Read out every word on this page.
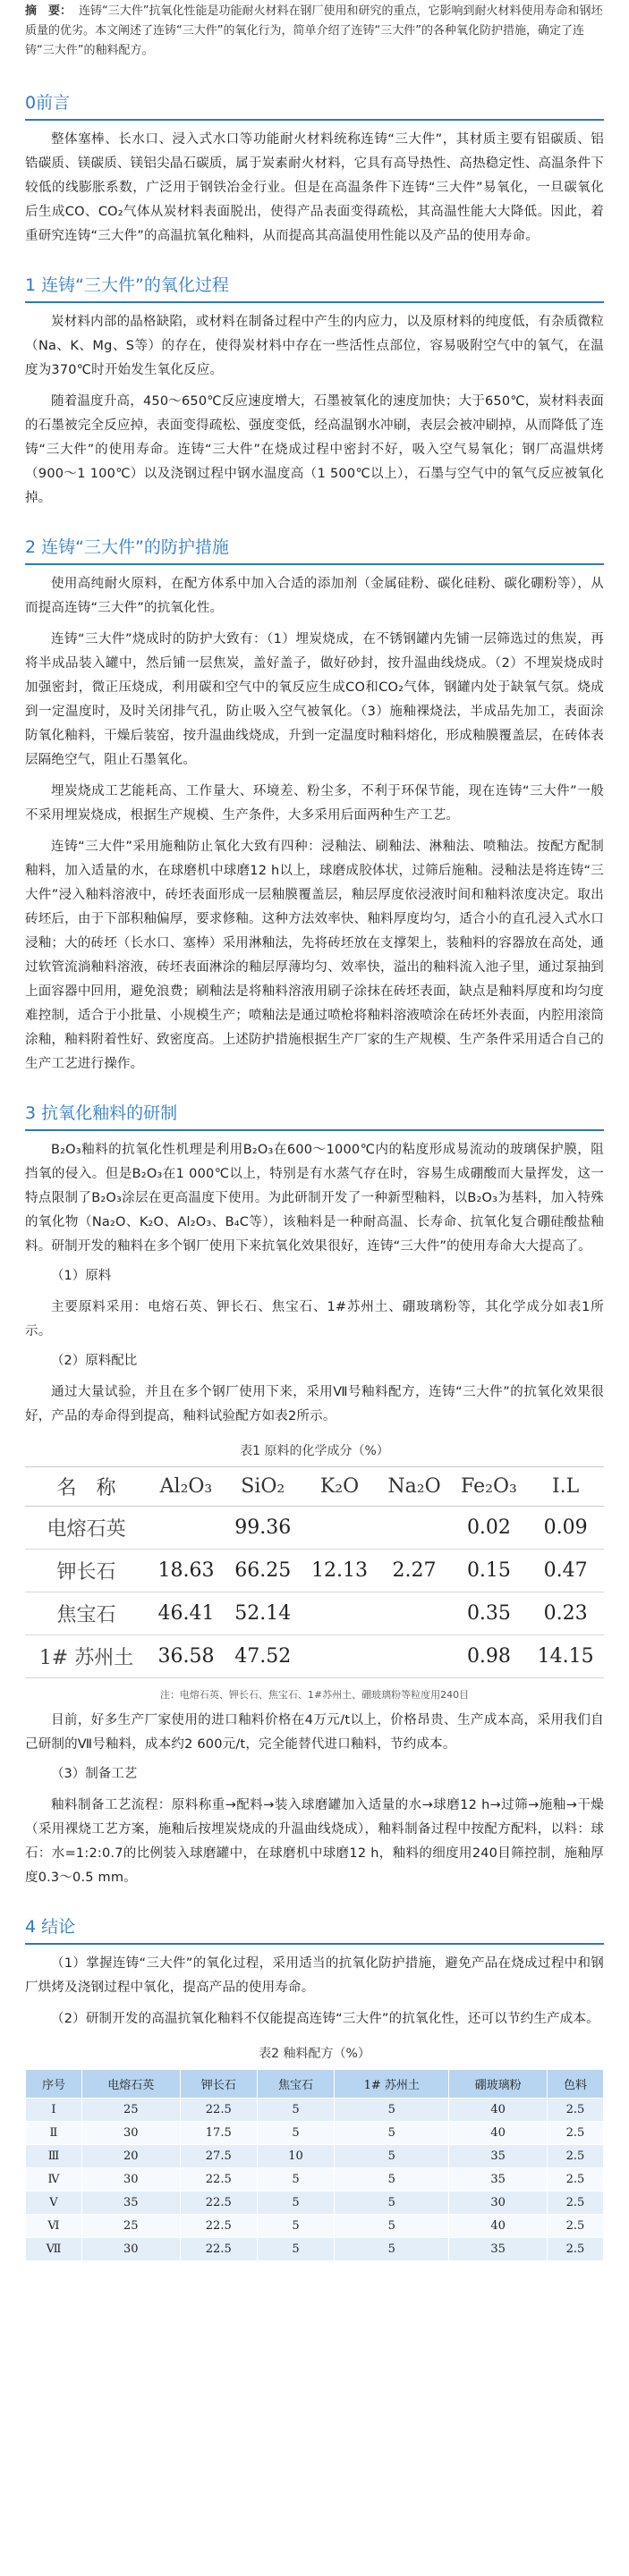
摘　要： 连铸“三大件”抗氧化性能是功能耐火材料在钢厂使用和研究的重点，它影响到耐火材料使用寿命和钢坯质量的优劣。本文阐述了连铸“三大件”的氧化行为，简单介绍了连铸“三大件”的各种氧化防护措施，确定了连铸“三大件”的釉料配方。
0前言

整体塞棒、长水口、浸入式水口等功能耐火材料统称连铸“三大件”，其材质主要有铝碳质、铝锆碳质、镁碳质、镁铝尖晶石碳质，属于炭素耐火材料，它具有高导热性、高热稳定性、高温条件下较低的线膨胀系数，广泛用于钢铁冶金行业。但是在高温条件下连铸“三大件”易氧化，一旦碳氧化后生成CO、CO₂气体从炭材料表面脱出，使得产品表面变得疏松，其高温性能大大降低。因此，着重研究连铸“三大件”的高温抗氧化釉料，从而提高其高温使用性能以及产品的使用寿命。

1 连铸“三大件”的氧化过程

炭材料内部的晶格缺陷，或材料在制备过程中产生的内应力，以及原材料的纯度低，有杂质微粒（Na、K、Mg、S等）的存在，使得炭材料中存在一些活性点部位，容易吸附空气中的氧气，在温度为370℃时开始发生氧化反应。

随着温度升高，450～650℃反应速度增大，石墨被氧化的速度加快；大于650℃，炭材料表面的石墨被完全反应掉，表面变得疏松、强度变低，经高温钢水冲刷，表层会被冲刷掉，从而降低了连铸“三大件”的使用寿命。连铸“三大件”在烧成过程中密封不好，吸入空气易氧化；钢厂高温烘烤（900～1 100℃）以及浇钢过程中钢水温度高（1 500℃以上），石墨与空气中的氧气反应被氧化掉。

2 连铸“三大件”的防护措施

使用高纯耐火原料，在配方体系中加入合适的添加剂（金属硅粉、碳化硅粉、碳化硼粉等），从而提高连铸“三大件”的抗氧化性。

连铸“三大件”烧成时的防护大致有：（1）埋炭烧成，在不锈钢罐内先铺一层筛选过的焦炭，再将半成品装入罐中，然后铺一层焦炭，盖好盖子，做好砂封，按升温曲线烧成。（2）不埋炭烧成时加强密封，微正压烧成，利用碳和空气中的氧反应生成CO和CO₂气体，钢罐内处于缺氧气氛。烧成到一定温度时，及时关闭排气孔，防止吸入空气被氧化。（3）施釉裸烧法，半成品先加工，表面涂防氧化釉料，干燥后装窑，按升温曲线烧成，升到一定温度时釉料熔化，形成釉膜覆盖层，在砖体表层隔绝空气，阻止石墨氧化。

埋炭烧成工艺能耗高、工作量大、环境差、粉尘多，不利于环保节能，现在连铸“三大件”一般不采用埋炭烧成，根据生产规模、生产条件，大多采用后面两种生产工艺。

连铸“三大件”采用施釉防止氧化大致有四种：浸釉法、刷釉法、淋釉法、喷釉法。按配方配制釉料，加入适量的水，在球磨机中球磨12 h以上，球磨成胶体状，过筛后施釉。浸釉法是将连铸“三大件”浸入釉料溶液中，砖坯表面形成一层釉膜覆盖层，釉层厚度依浸液时间和釉料浓度决定。取出砖坯后，由于下部积釉偏厚，要求修釉。这种方法效率快、釉料厚度均匀，适合小的直孔浸入式水口浸釉；大的砖坯（长水口、塞棒）采用淋釉法，先将砖坯放在支撑架上，装釉料的容器放在高处，通过软管流淌釉料溶液，砖坯表面淋涂的釉层厚薄均匀、效率快，溢出的釉料流入池子里，通过泵抽到上面容器中回用，避免浪费；刷釉法是将釉料溶液用刷子涂抹在砖坯表面，缺点是釉料厚度和均匀度难控制，适合于小批量、小规模生产；喷釉法是通过喷枪将釉料溶液喷涂在砖坯外表面，内腔用滚筒涂釉，釉料附着性好、致密度高。上述防护措施根据生产厂家的生产规模、生产条件采用适合自己的生产工艺进行操作。

3 抗氧化釉料的研制

B₂O₃釉料的抗氧化性机理是利用B₂O₃在600～1000℃内的粘度形成易流动的玻璃保护膜，阻挡氧的侵入。但是B₂O₃在1 000℃以上，特别是有水蒸气存在时，容易生成硼酸而大量挥发，这一特点限制了B₂O₃涂层在更高温度下使用。为此研制开发了一种新型釉料，以B₂O₃为基料，加入特殊的氧化物（Na₂O、K₂O、Al₂O₃、B₄C等），该釉料是一种耐高温、长寿命、抗氧化复合硼硅酸盐釉料。研制开发的釉料在多个钢厂使用下来抗氧化效果很好，连铸“三大件”的使用寿命大大提高了。

（1）原料

主要原料采用：电熔石英、钾长石、焦宝石、1#苏州土、硼玻璃粉等，其化学成分如表1所示。

（2）原料配比

通过大量试验，并且在多个钢厂使用下来，采用Ⅶ号釉料配方，连铸“三大件”的抗氧化效果很好，产品的寿命得到提高，釉料试验配方如表2所示。

表1 原料的化学成分（%）
名　称	Al₂O₃	SiO₂	K₂O	Na₂O	Fe₂O₃	I.L
电熔石英		99.36			0.02	0.09
钾长石	18.63	66.25	12.13	2.27	0.15	0.47
焦宝石	46.41	52.14			0.35	0.23
1# 苏州土	36.58	47.52			0.98	14.15
注：电熔石英、钾长石、焦宝石、1#苏州土、硼玻璃粉等粒度用240目

目前，好多生产厂家使用的进口釉料价格在4万元/t以上，价格昂贵、生产成本高，采用我们自己研制的Ⅶ号釉料，成本约2 600元/t，完全能替代进口釉料，节约成本。

（3）制备工艺

釉料制备工艺流程：原料称重→配料→装入球磨罐加入适量的水→球磨12 h→过筛→施釉→干燥（采用裸烧工艺方案，施釉后按埋炭烧成的升温曲线烧成），釉料制备过程中按配方配料，以料：球石：水=1:2:0.7的比例装入球磨罐中，在球磨机中球磨12 h，釉料的细度用240目筛控制，施釉厚度0.3～0.5 mm。

4 结论

（1）掌握连铸“三大件”的氧化过程，采用适当的抗氧化防护措施，避免产品在烧成过程中和钢厂烘烤及浇钢过程中氧化，提高产品的使用寿命。

（2）研制开发的高温抗氧化釉料不仅能提高连铸“三大件”的抗氧化性，还可以节约生产成本。

表2 釉料配方（%）
序号	电熔石英	钾长石	焦宝石	1# 苏州土	硼玻璃粉	色料
Ⅰ	25	22.5	5	5	40	2.5
Ⅱ	30	17.5	5	5	40	2.5
Ⅲ	20	27.5	10	5	35	2.5
Ⅳ	30	22.5	5	5	35	2.5
Ⅴ	35	22.5	5	5	30	2.5
Ⅵ	25	22.5	5	5	40	2.5
Ⅶ	30	22.5	5	5	35	2.5
